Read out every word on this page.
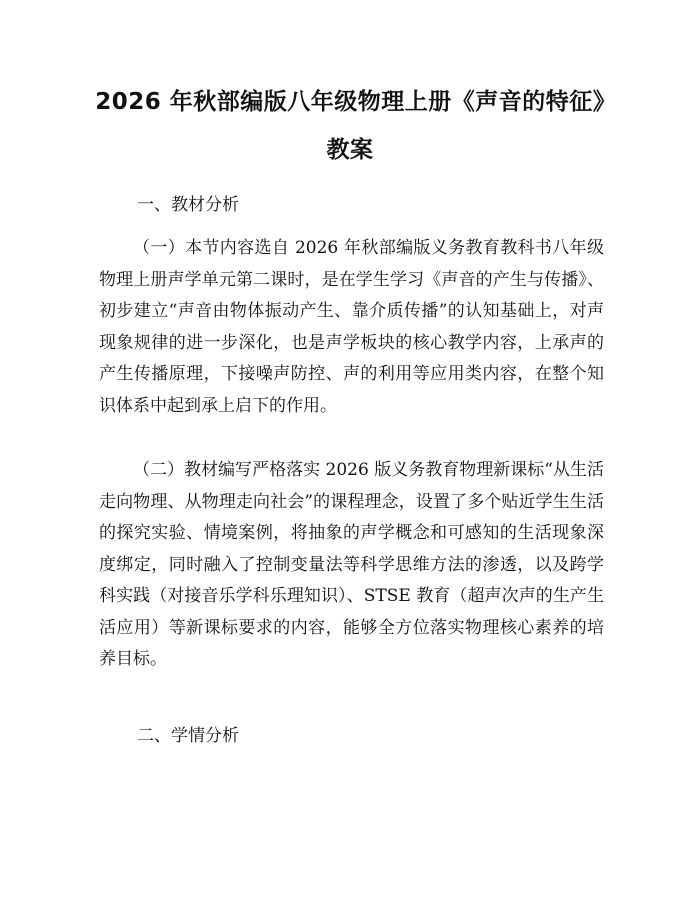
2026 年秋部编版八年级物理上册《声音的特征》教案
一、教材分析

（一）本节内容选自 2026 年秋部编版义务教育教科书八年级物理上册声学单元第二课时，是在学生学习《声音的产生与传播》、初步建立“声音由物体振动产生、靠介质传播”的认知基础上，对声现象规律的进一步深化，也是声学板块的核心教学内容，上承声的产生传播原理，下接噪声防控、声的利用等应用类内容，在整个知识体系中起到承上启下的作用。

（二）教材编写严格落实 2026 版义务教育物理新课标“从生活走向物理、从物理走向社会”的课程理念，设置了多个贴近学生生活的探究实验、情境案例，将抽象的声学概念和可感知的生活现象深度绑定，同时融入了控制变量法等科学思维方法的渗透，以及跨学科实践（对接音乐学科乐理知识）、STSE 教育（超声次声的生产生活应用）等新课标要求的内容，能够全方位落实物理核心素养的培养目标。

二、学情分析
